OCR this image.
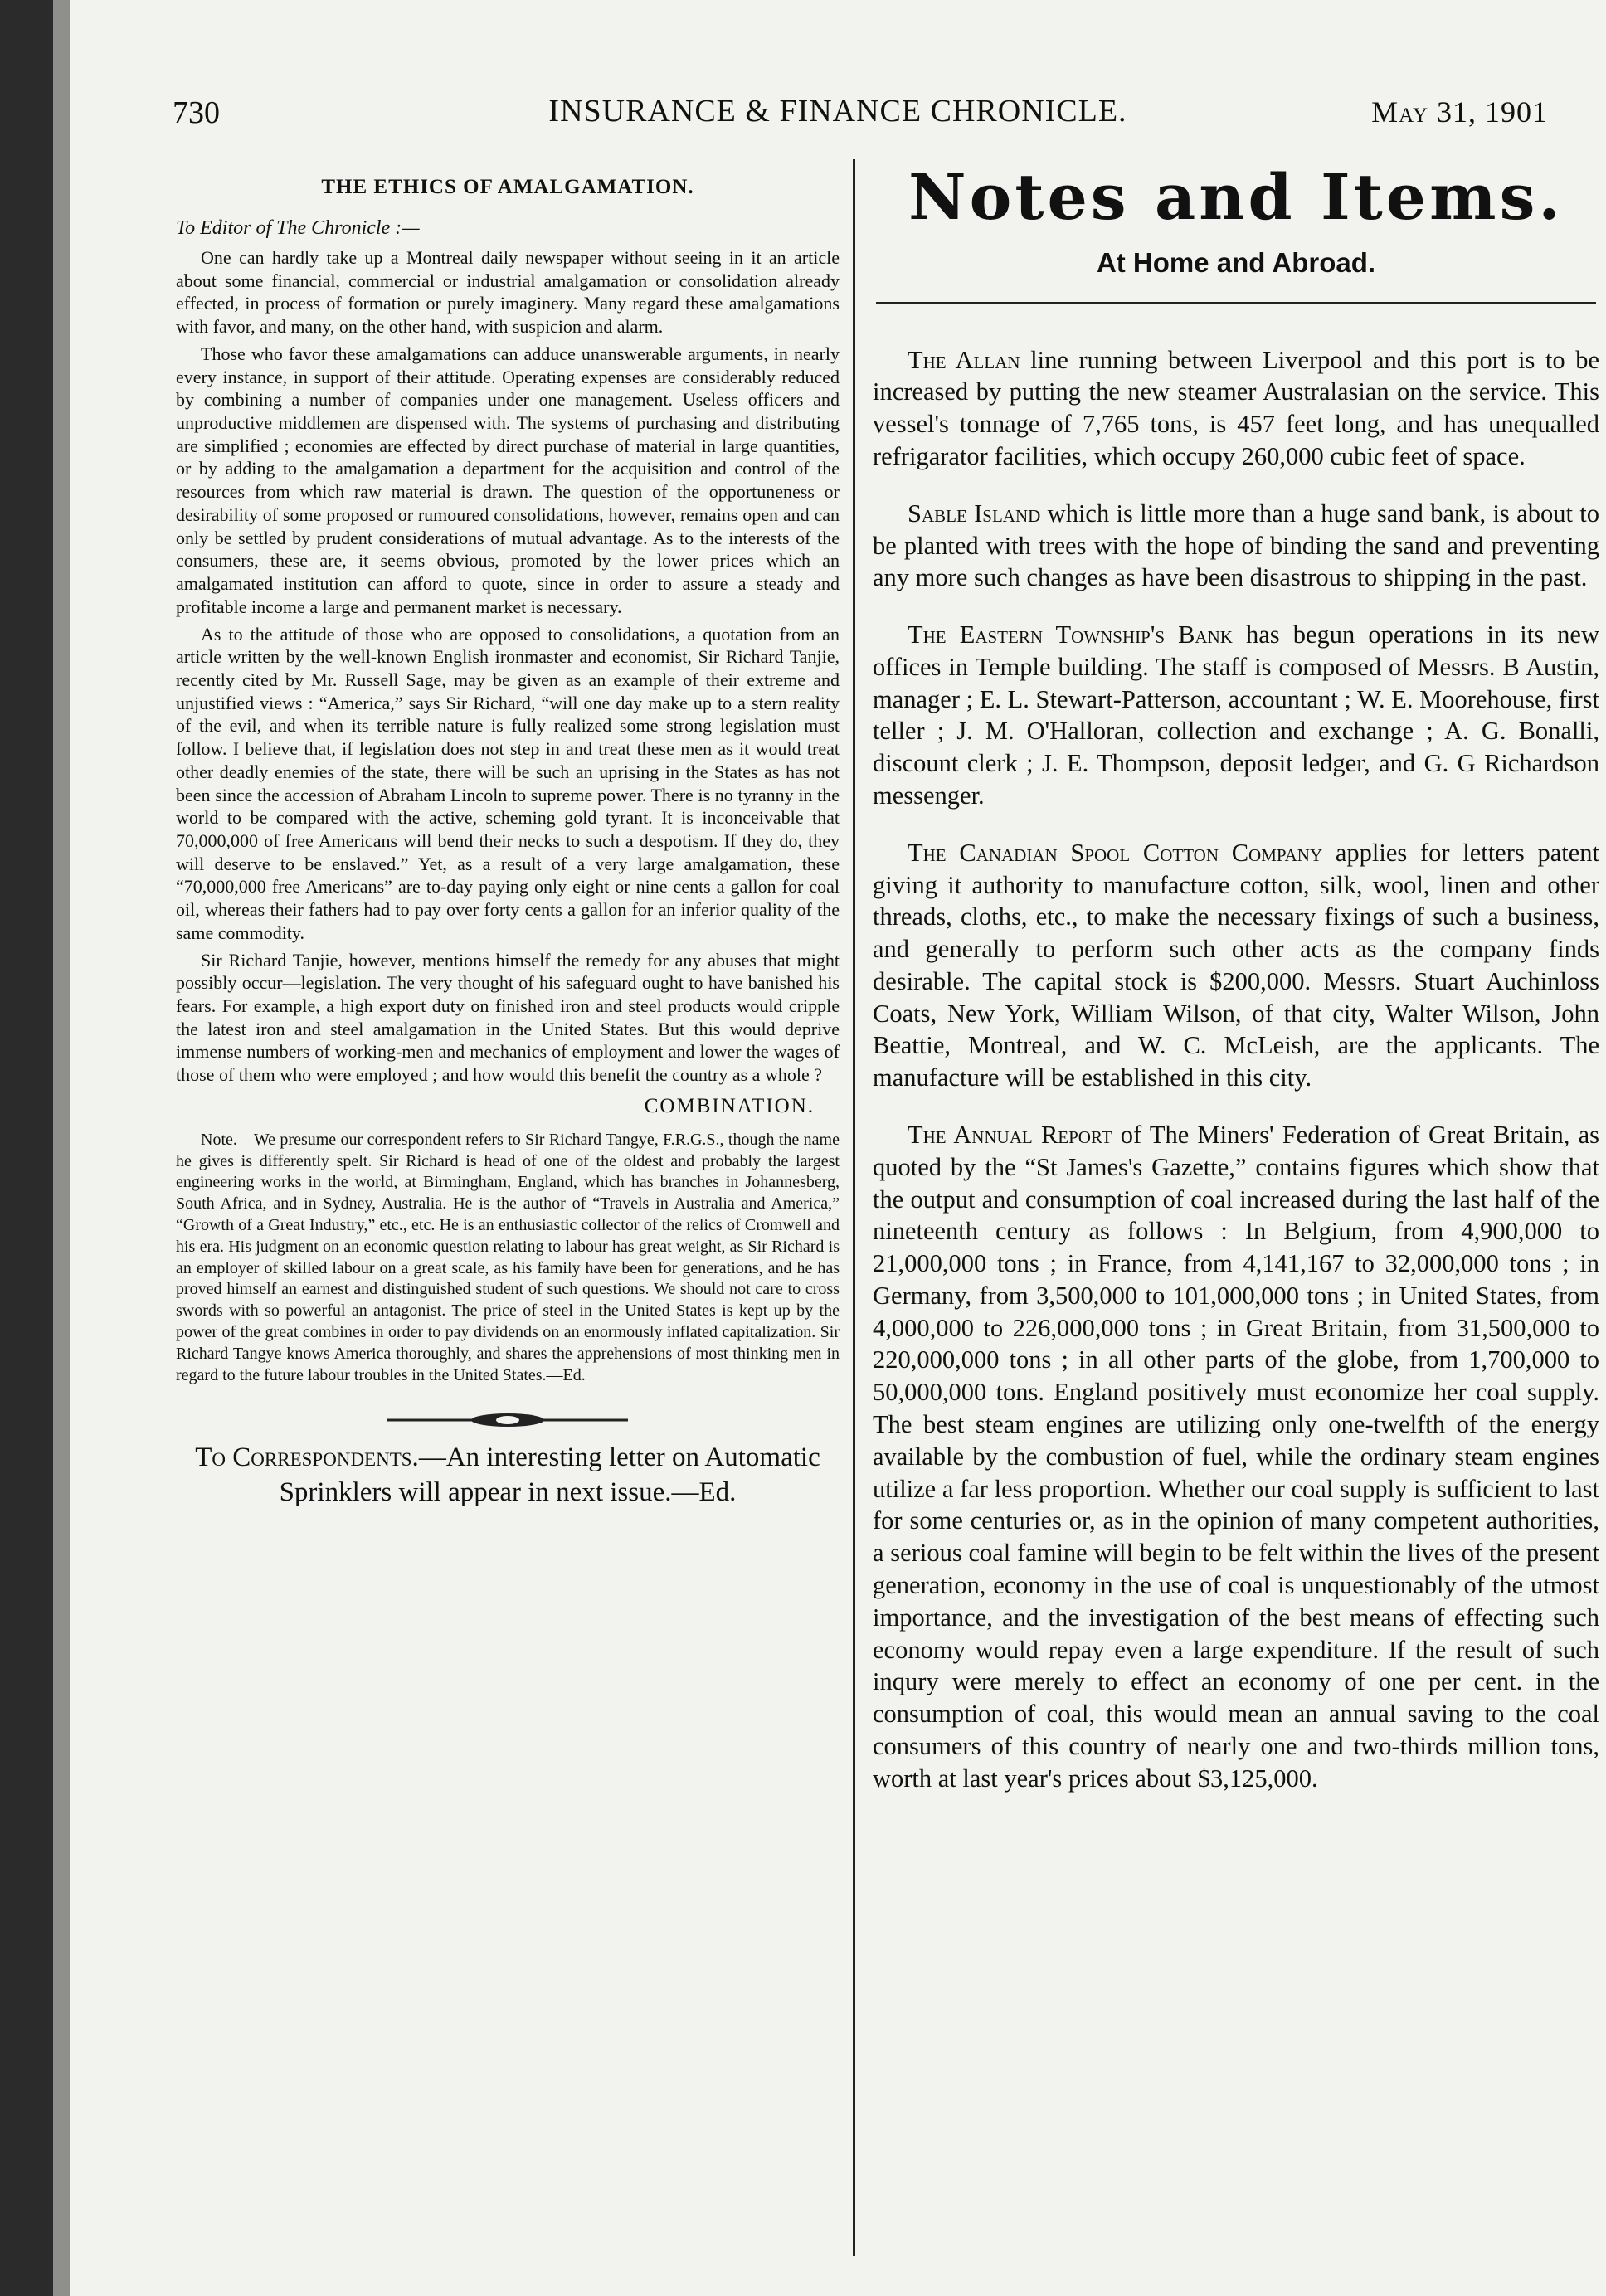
730	INSURANCE & FINANCE CHRONICLE.	May 31, 1901
THE ETHICS OF AMALGAMATION.
To Editor of The Chronicle :—

One can hardly take up a Montreal daily newspaper without seeing in it an article about some financial, commercial or industrial amalgamation or consolidation already effected, in process of formation or purely imaginery. Many regard these amalgamations with favor, and many, on the other hand, with suspicion and alarm.

Those who favor these amalgamations can adduce unanswerable arguments, in nearly every instance, in support of their attitude. Operating expenses are considerably reduced by combining a number of companies under one management. Useless officers and unproductive middlemen are dispensed with. The systems of purchasing and distributing are simplified ; economies are effected by direct purchase of material in large quantities, or by adding to the amalgamation a department for the acquisition and control of the resources from which raw material is drawn. The question of the opportuneness or desirability of some proposed or rumoured consolidations, however, remains open and can only be settled by prudent considerations of mutual advantage. As to the interests of the consumers, these are, it seems obvious, promoted by the lower prices which an amalgamated institution can afford to quote, since in order to assure a steady and profitable income a large and permanent market is necessary.

As to the attitude of those who are opposed to consolidations, a quotation from an article written by the well-known English ironmaster and economist, Sir Richard Tanjie, recently cited by Mr. Russell Sage, may be given as an example of their extreme and unjustified views : “America,” says Sir Richard, “will one day make up to a stern reality of the evil, and when its terrible nature is fully realized some strong legislation must follow. I believe that, if legislation does not step in and treat these men as it would treat other deadly enemies of the state, there will be such an uprising in the States as has not been since the accession of Abraham Lincoln to supreme power. There is no tyranny in the world to be compared with the active, scheming gold tyrant. It is inconceivable that 70,000,000 of free Americans will bend their necks to such a despotism. If they do, they will deserve to be enslaved.” Yet, as a result of a very large amalgamation, these “70,000,000 free Americans” are to-day paying only eight or nine cents a gallon for coal oil, whereas their fathers had to pay over forty cents a gallon for an inferior quality of the same commodity.

Sir Richard Tanjie, however, mentions himself the remedy for any abuses that might possibly occur—legislation. The very thought of his safeguard ought to have banished his fears. For example, a high export duty on finished iron and steel products would cripple the latest iron and steel amalgamation in the United States. But this would deprive immense numbers of working-men and mechanics of employment and lower the wages of those of them who were employed ; and how would this benefit the country as a whole ?

COMBINATION.

Note.—We presume our correspondent refers to Sir Richard Tangye, F.R.G.S., though the name he gives is differently spelt. Sir Richard is head of one of the oldest and probably the largest engineering works in the world, at Birmingham, England, which has branches in Johannesberg, South Africa, and in Sydney, Australia. He is the author of “Travels in Australia and America,” “Growth of a Great Industry,” etc., etc. He is an enthusiastic collector of the relics of Cromwell and his era. His judgment on an economic question relating to labour has great weight, as Sir Richard is an employer of skilled labour on a great scale, as his family have been for generations, and he has proved himself an earnest and distinguished student of such questions. We should not care to cross swords with so powerful an antagonist. The price of steel in the United States is kept up by the power of the great combines in order to pay dividends on an enormously inflated capitalization. Sir Richard Tangye knows America thoroughly, and shares the apprehensions of most thinking men in regard to the future labour troubles in the United States.—Ed.

To Correspondents.—An interesting letter on Automatic Sprinklers will appear in next issue.—Ed.

Notes and Items.
At Home and Abroad.

The Allan line running between Liverpool and this port is to be increased by putting the new steamer Australasian on the service. This vessel's tonnage of 7,765 tons, is 457 feet long, and has unequalled refrigarator facilities, which occupy 260,000 cubic feet of space.

Sable Island which is little more than a huge sand bank, is about to be planted with trees with the hope of binding the sand and preventing any more such changes as have been disastrous to shipping in the past.

The Eastern Township's Bank has begun operations in its new offices in Temple building. The staff is composed of Messrs. B Austin, manager ; E. L. Stewart-Patterson, accountant ; W. E. Moorehouse, first teller ; J. M. O'Halloran, collection and exchange ; A. G. Bonalli, discount clerk ; J. E. Thompson, deposit ledger, and G. G Richardson messenger.

The Canadian Spool Cotton Company applies for letters patent giving it authority to manufacture cotton, silk, wool, linen and other threads, cloths, etc., to make the necessary fixings of such a business, and generally to perform such other acts as the company finds desirable. The capital stock is $200,000. Messrs. Stuart Auchinloss Coats, New York, William Wilson, of that city, Walter Wilson, John Beattie, Montreal, and W. C. McLeish, are the applicants. The manufacture will be established in this city.

The Annual Report of The Miners' Federation of Great Britain, as quoted by the “St James's Gazette,” contains figures which show that the output and consumption of coal increased during the last half of the nineteenth century as follows : In Belgium, from 4,900,000 to 21,000,000 tons ; in France, from 4,141,167 to 32,000,000 tons ; in Germany, from 3,500,000 to 101,000,000 tons ; in United States, from 4,000,000 to 226,000,000 tons ; in Great Britain, from 31,500,000 to 220,000,000 tons ; in all other parts of the globe, from 1,700,000 to 50,000,000 tons. England positively must economize her coal supply. The best steam engines are utilizing only one-twelfth of the energy available by the combustion of fuel, while the ordinary steam engines utilize a far less proportion. Whether our coal supply is sufficient to last for some centuries or, as in the opinion of many competent authorities, a serious coal famine will begin to be felt within the lives of the present generation, economy in the use of coal is unquestionably of the utmost importance, and the investigation of the best means of effecting such economy would repay even a large expenditure. If the result of such inqury were merely to effect an economy of one per cent. in the consumption of coal, this would mean an annual saving to the coal consumers of this country of nearly one and two-thirds million tons, worth at last year's prices about $3,125,000.
